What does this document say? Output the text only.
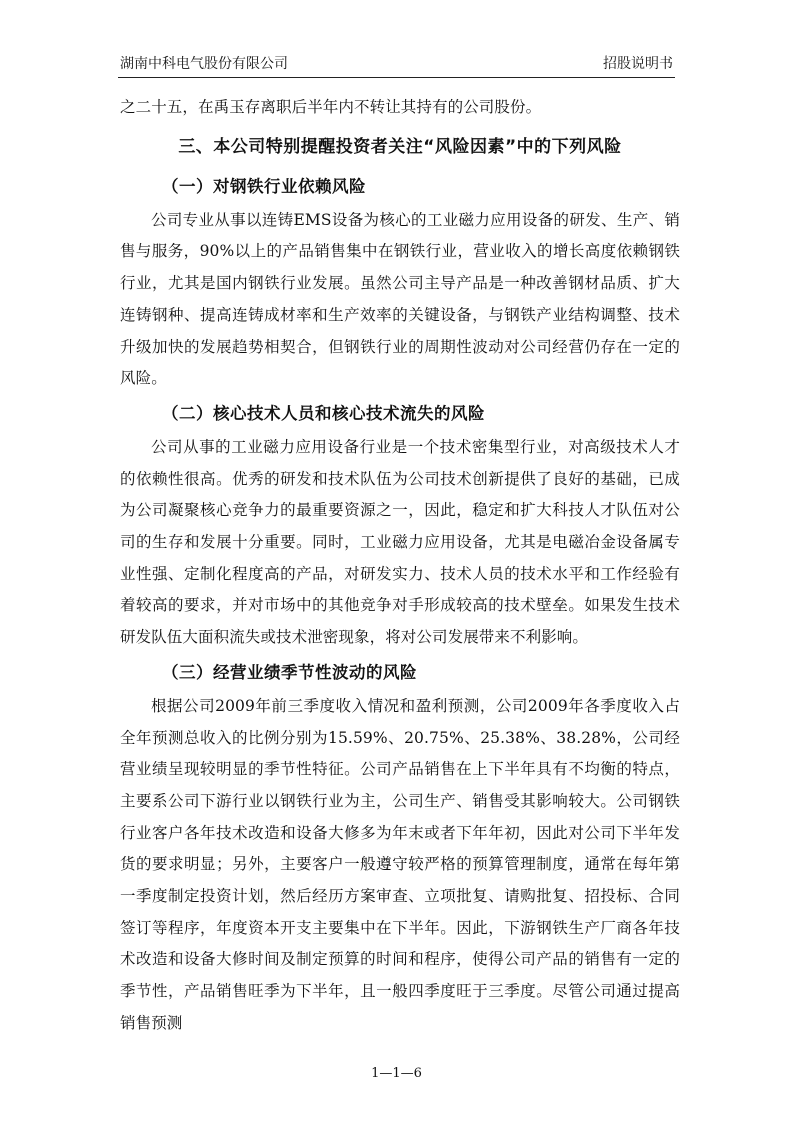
湖南中科电气股份有限公司	招股说明书

之二十五，在禹玉存离职后半年内不转让其持有的公司股份。

三、本公司特别提醒投资者关注“风险因素”中的下列风险
（一）对钢铁行业依赖风险

公司专业从事以连铸EMS设备为核心的工业磁力应用设备的研发、生产、销售与服务，90%以上的产品销售集中在钢铁行业，营业收入的增长高度依赖钢铁行业，尤其是国内钢铁行业发展。虽然公司主导产品是一种改善钢材品质、扩大连铸钢种、提高连铸成材率和生产效率的关键设备，与钢铁产业结构调整、技术升级加快的发展趋势相契合，但钢铁行业的周期性波动对公司经营仍存在一定的风险。

（二）核心技术人员和核心技术流失的风险

公司从事的工业磁力应用设备行业是一个技术密集型行业，对高级技术人才的依赖性很高。优秀的研发和技术队伍为公司技术创新提供了良好的基础，已成为公司凝聚核心竞争力的最重要资源之一，因此，稳定和扩大科技人才队伍对公司的生存和发展十分重要。同时，工业磁力应用设备，尤其是电磁冶金设备属专业性强、定制化程度高的产品，对研发实力、技术人员的技术水平和工作经验有着较高的要求，并对市场中的其他竞争对手形成较高的技术壁垒。如果发生技术研发队伍大面积流失或技术泄密现象，将对公司发展带来不利影响。

（三）经营业绩季节性波动的风险

根据公司2009年前三季度收入情况和盈利预测，公司2009年各季度收入占全年预测总收入的比例分别为15.59%、20.75%、25.38%、38.28%，公司经营业绩呈现较明显的季节性特征。公司产品销售在上下半年具有不均衡的特点，主要系公司下游行业以钢铁行业为主，公司生产、销售受其影响较大。公司钢铁行业客户各年技术改造和设备大修多为年末或者下年年初，因此对公司下半年发货的要求明显；另外，主要客户一般遵守较严格的预算管理制度，通常在每年第一季度制定投资计划，然后经历方案审查、立项批复、请购批复、招投标、合同签订等程序，年度资本开支主要集中在下半年。因此，下游钢铁生产厂商各年技术改造和设备大修时间及制定预算的时间和程序，使得公司产品的销售有一定的季节性，产品销售旺季为下半年，且一般四季度旺于三季度。尽管公司通过提高销售预测

1—1—6
